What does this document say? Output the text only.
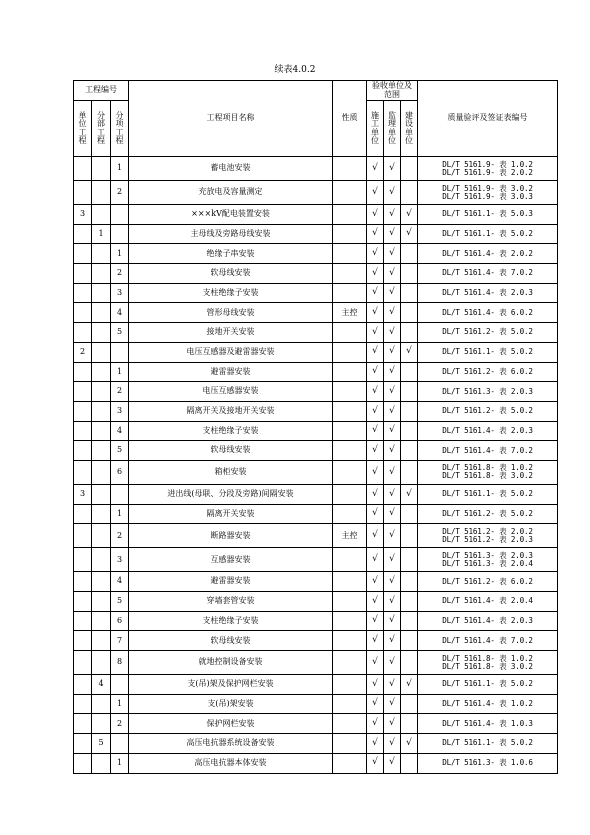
续表4.0.2
工程编号			工程项目名称	性质	验收单位及范围			质量验评及签证表编号
单位工程	分部工程	分项工程			施工单位	监理单位	建设单位	
		1	蓄电池安装		√	√		DL/T 5161.9- 表 1.0.2
DL/T 5161.9- 表 2.0.2

		2	充放电及容量测定		√	√		DL/T 5161.9- 表 3.0.2
DL/T 5161.9- 表 3.0.3

3			×××kV配电装置安装		√	√	√	DL/T 5161.1- 表 5.0.3

	1		主母线及旁路母线安装		√	√	√	DL/T 5161.1- 表 5.0.2

		1	绝缘子串安装		√	√		DL/T 5161.4- 表 2.0.2

		2	软母线安装		√	√		DL/T 5161.4- 表 7.0.2

		3	支柱绝缘子安装		√	√		DL/T 5161.4- 表 2.0.3

		4	管形母线安装	主控	√	√		DL/T 5161.4- 表 6.0.2

		5	接地开关安装		√	√		DL/T 5161.2- 表 5.0.2

2			电压互感器及避雷器安装		√	√	√	DL/T 5161.1- 表 5.0.2

		1	避雷器安装		√	√		DL/T 5161.2- 表 6.0.2

		2	电压互感器安装		√	√		DL/T 5161.3- 表 2.0.3

		3	隔离开关及接地开关安装		√	√		DL/T 5161.2- 表 5.0.2

		4	支柱绝缘子安装		√	√		DL/T 5161.4- 表 2.0.3

		5	软母线安装		√	√		DL/T 5161.4- 表 7.0.2

		6	箱柜安装		√	√		DL/T 5161.8- 表 1.0.2
DL/T 5161.8- 表 3.0.2

3			进出线(母联、分段及旁路)间隔安装		√	√	√	DL/T 5161.1- 表 5.0.2

		1	隔离开关安装		√	√		DL/T 5161.2- 表 5.0.2

		2	断路器安装	主控	√	√		DL/T 5161.2- 表 2.0.2
DL/T 5161.2- 表 2.0.3

		3	互感器安装		√	√		DL/T 5161.3- 表 2.0.3
DL/T 5161.3- 表 2.0.4

		4	避雷器安装		√	√		DL/T 5161.2- 表 6.0.2

		5	穿墙套管安装		√	√		DL/T 5161.4- 表 2.0.4

		6	支柱绝缘子安装		√	√		DL/T 5161.4- 表 2.0.3

		7	软母线安装		√	√		DL/T 5161.4- 表 7.0.2

		8	就地控制设备安装		√	√		DL/T 5161.8- 表 1.0.2
DL/T 5161.8- 表 3.0.2

	4		支(吊)架及保护网栏安装		√	√	√	DL/T 5161.1- 表 5.0.2

		1	支(吊)架安装		√	√		DL/T 5161.4- 表 1.0.2

		2	保护网栏安装		√	√		DL/T 5161.4- 表 1.0.3

	5		高压电抗器系统设备安装		√	√	√	DL/T 5161.1- 表 5.0.2

		1	高压电抗器本体安装		√	√		DL/T 5161.3- 表 1.0.6
